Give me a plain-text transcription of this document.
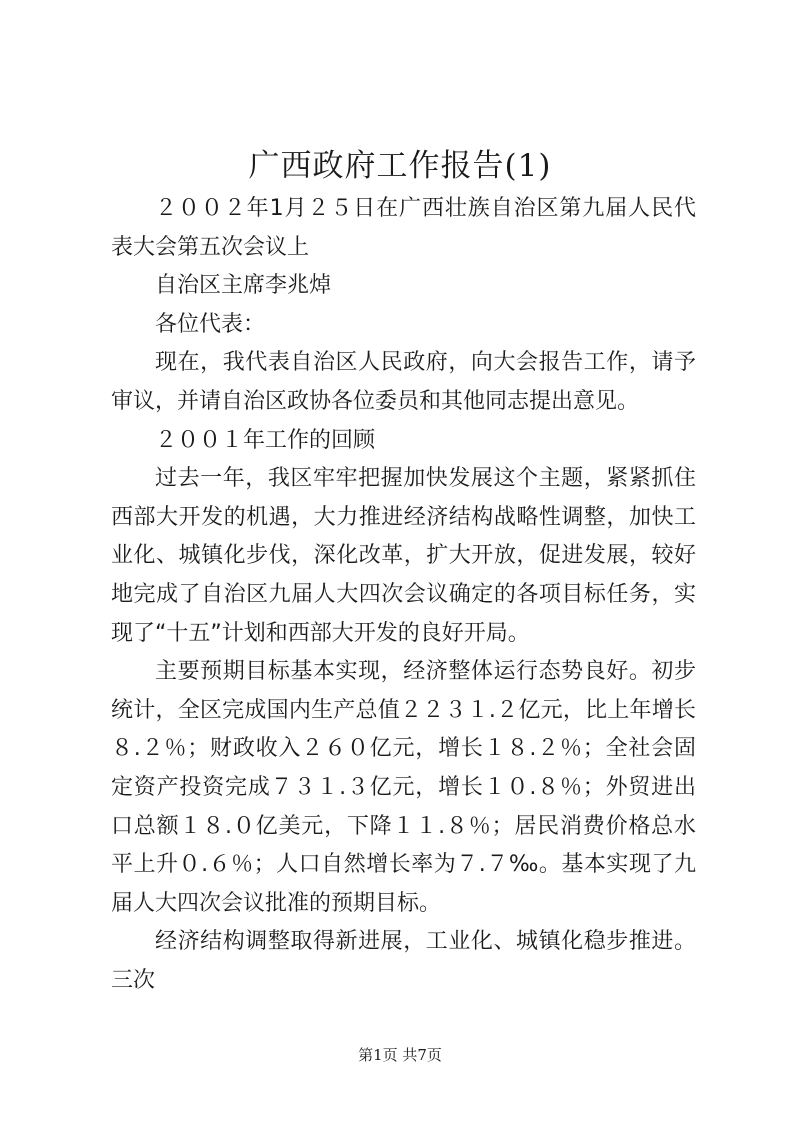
广西政府工作报告(1)

２００２年1月２５日在广西壮族自治区第九届人民代表大会第五次会议上

自治区主席李兆焯

各位代表：

现在，我代表自治区人民政府，向大会报告工作，请予审议，并请自治区政协各位委员和其他同志提出意见。

２００１年工作的回顾

过去一年，我区牢牢把握加快发展这个主题，紧紧抓住西部大开发的机遇，大力推进经济结构战略性调整，加快工业化、城镇化步伐，深化改革，扩大开放，促进发展，较好地完成了自治区九届人大四次会议确定的各项目标任务，实现了“十五”计划和西部大开发的良好开局。

主要预期目标基本实现，经济整体运行态势良好。初步统计，全区完成国内生产总值２２３１.２亿元，比上年增长８.２％；财政收入２６０亿元，增长１８.２％；全社会固定资产投资完成７３１.３亿元，增长１０.８％；外贸进出口总额１８.０亿美元，下降１１.８％；居民消费价格总水平上升０.６％；人口自然增长率为７.７‰。基本实现了九届人大四次会议批准的预期目标。

经济结构调整取得新进展，工业化、城镇化稳步推进。三次

第1页 共7页
